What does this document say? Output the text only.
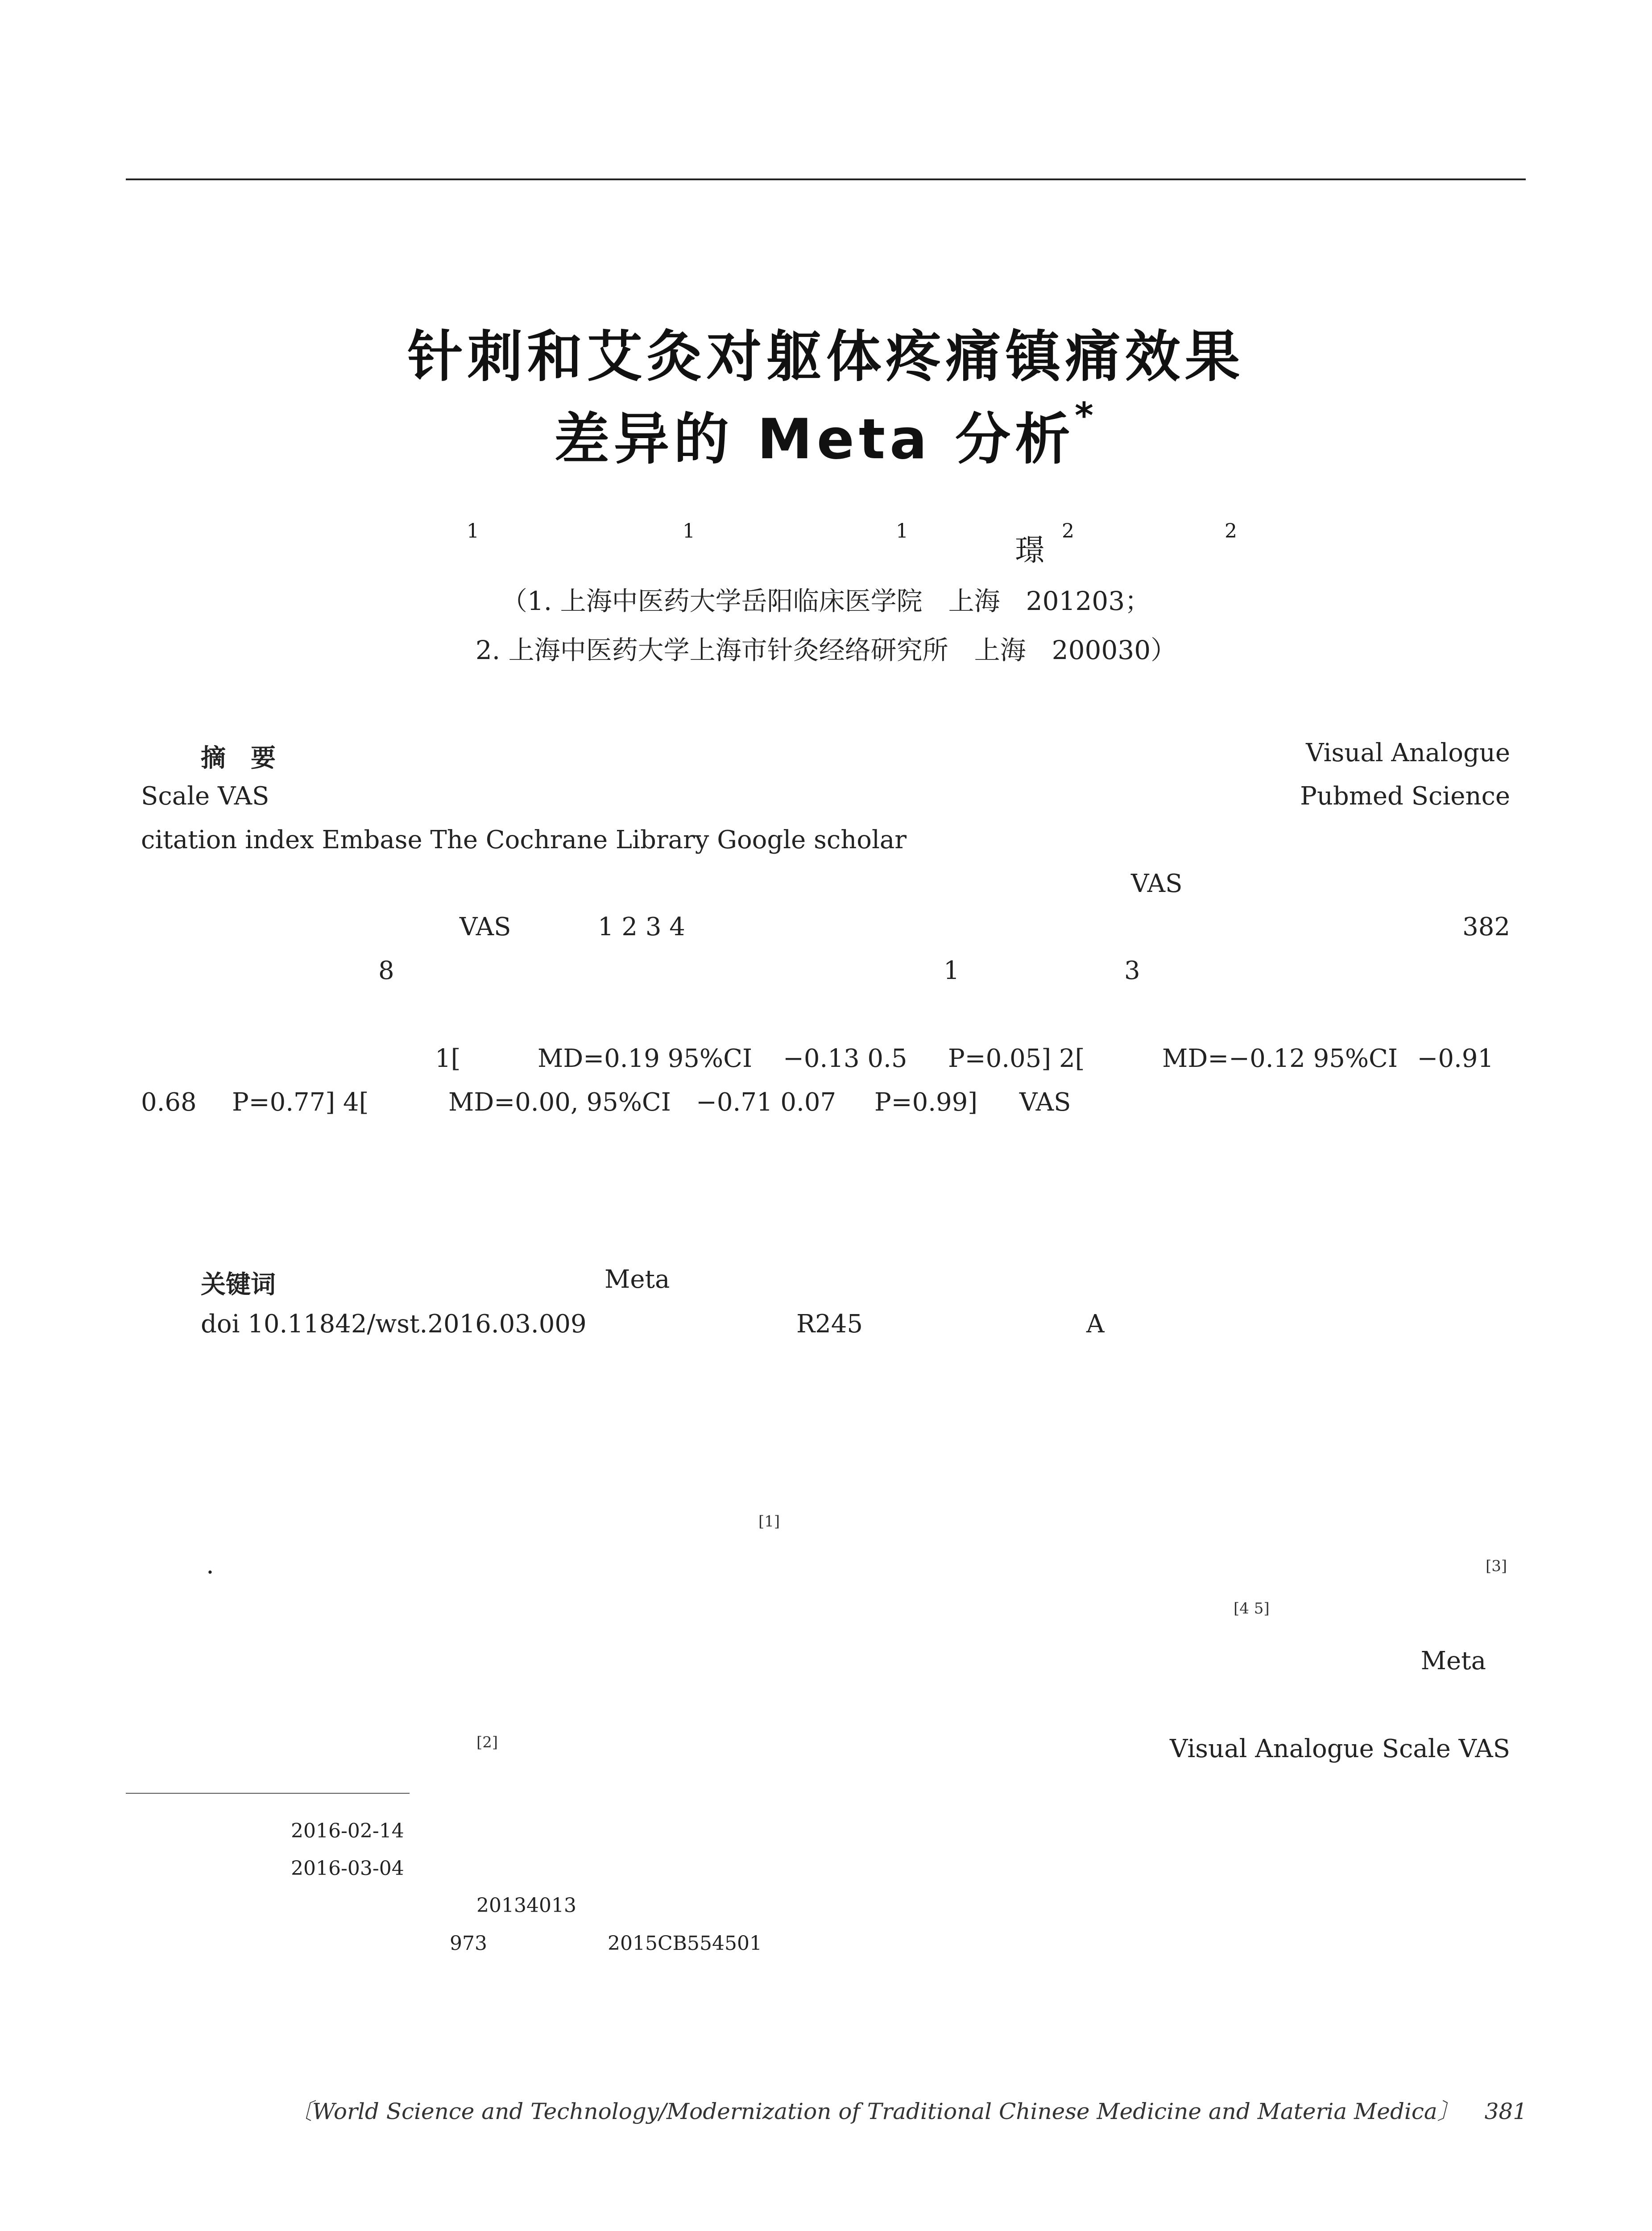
针刺和艾灸对躯体疼痛镇痛效果
差异的 Meta 分析*
1	1	1
璟
2	2
（1. 上海中医药大学岳阳临床医学院　上海　201203；
2. 上海中医药大学上海市针灸经络研究所　上海　200030）
摘　要	Visual Analogue
Scale VAS	Pubmed Science
citation index Embase The Cochrane Library Google scholar
VAS
VAS	1 2 3 4	382
8	1	3
1[	MD=0.19 95%CI −0.13 0.5 P=0.05] 2[	MD=−0.12 95%CI −0.91
0.68 P=0.77] 4[	MD=0.00, 95%CI −0.71 0.07 P=0.99] VAS
关键词	Meta
doi 10.11842/wst.2016.03.009	R245	A
[1]
.	[3]
[4 5]
Meta
[2]	Visual Analogue Scale VAS
2016-02-14
2016-03-04
20134013
973	2015CB554501
〔World Science and Technology/Modernization of Traditional Chinese Medicine and Materia Medica〕 381
